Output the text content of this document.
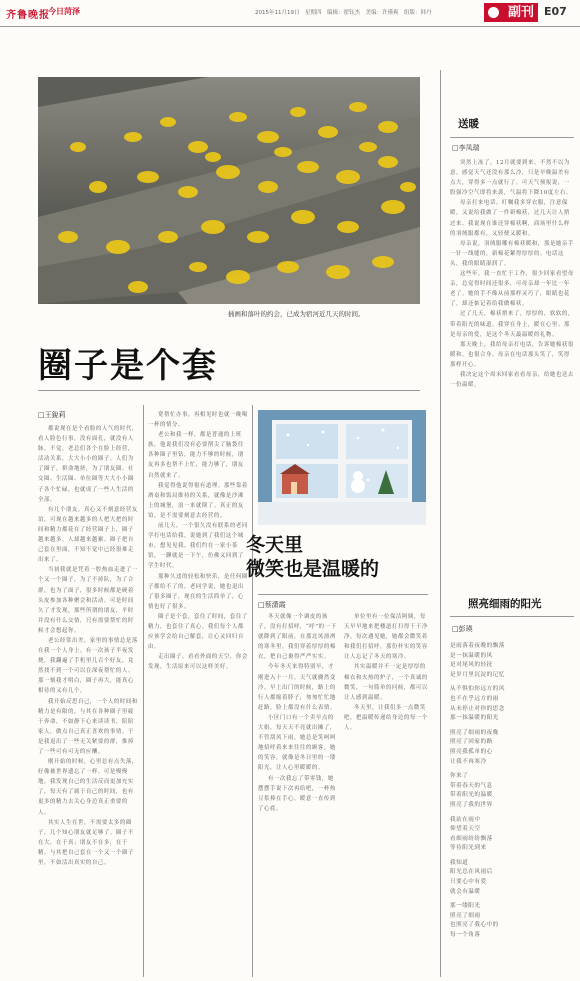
齐鲁晚报
今日菏泽	2015年11月19日　星期四　编辑：翟钰杰　美编：许瑾爽　组版：韩丹	副刊 E07
插画和落叶的约会，已成为宿河近几天的时间。
圈子是个套
□王銳莉

都说现在是个看脸的人气的时代，看人脸色行事，没有面孔，就没有人脉，不觉，老总们各个在脸上经营，活动关系，大大小小的圈子。人们为了圈子，拼命地挤，为了朋友圈、社交圈、生活圈、单位圈等大大小小圈子各个忙碌，也就成了一些人生活的全部。

有几个朋友，真心又不刻意经营友谊，可现在越来越多的人把大把的时间和精力都花在了经营圈子上，圈子越来越多，人却越来越累。圈子把自己套在里面，不知不觉中已经很难走出来了。

当初我就是凭着一腔热血走进了一个又一个圈子，为了不掉队，为了合群，也为了面子，很多时候都是硬着头皮参加各种聚会和活动。可是时间久了才发现，那些所谓的朋友，平时并没有什么交情，只有需要帮忙的时候才会想起你。

老公经常出差，家里的事情总是落在我一个人身上。有一次孩子半夜发烧，我翻遍了手机里几百个好友，竟然找不到一个可以在深夜帮忙的人。那一刻我才明白，圈子再大，能真心相待的又有几个。

我开始反思自己，一个人的时间和精力是有限的，与其在各种圈子里疲于奔命，不如静下心来读读书，陪陪家人，做点自己真正喜欢的事情。于是我退出了一些无关紧要的群，推掉了一些可有可无的应酬。

刚开始的时候，心里总有点失落，好像被世界遗忘了一样。可是慢慢地，我发现自己的生活反而更加充实了，每天有了属于自己的时间，也有更多的精力去关心身边真正重要的人。

其实人生在世，不需要太多的圈子，几个知心朋友就足够了。圈子不在大，在于真；朋友不在多，在于精。与其把自己套在一个又一个圈子里，不如活出真实的自己。

宽帮忙办事，再相见时也就一晚喝一杯的情分。

老公和我一样，都是普通的上班族，他说我们没有必要削尖了脑袋往各种圈子里钻，能力不够的时候，朋友再多也帮不上忙，能力够了，朋友自然就来了。

我觉得他说得很有道理。那些靠着酒桌和饭局维持的关系，就像是沙滩上的城堡，浪一来就倒了。真正的友谊，是不需要刻意去经营的。

前几天，一个很久没有联系的老同学打电话给我，说她到了我们这个城市，想见见我。我们约在一家小茶馆，一聊就是一下午，仿佛又回到了学生时代。

那种久违的轻松和快乐，是任何圈子都给不了的。老同学说，她也退出了很多圈子，现在的生活简单了，心情也好了很多。

圈子是个套，套住了时间，套住了精力，也套住了真心。我们每个人都应该学会给自己解套，让心灵回归自由。

走出圈子，看看外面的天空，你会发现，生活原来可以这样美好。

冬天里
微笑也是温暖的
□蔡潇霞

冬天就像一个调皮的孩子，没有打招呼，“呼”的一下就降到了眼前，在那北风凛冽的寒冬里，我们穿着厚厚的棉衣，把自己裹得严严实实。

今年冬天来得特别早，才刚进入十一月，天气就骤然变冷。早上出门的时候，路上的行人都缩着脖子，匆匆忙忙地赶路，脸上都没有什么表情。

小区门口有一个卖早点的大姐，每天天不亮就出摊了，不管刮风下雨，她总是笑呵呵地招呼着来来往往的顾客。她的笑容，就像是冬日里的一缕阳光，让人心里暖暖的。

有一次我忘了带零钱，她摆摆手说下次再给吧，一杯热豆浆捧在手心，暖意一直传到了心底。

单位里有一位保洁阿姨，每天早早地来把楼道打扫得干干净净。每次遇见她，她都会微笑着和我们打招呼，那份朴实的笑容让人忘记了冬天的寒冷。

其实温暖并不一定是厚厚的棉衣和火热的炉子，一个真诚的微笑，一句简单的问候，都可以让人感到温暖。

冬天里，让我们多一点微笑吧，把温暖传递给身边的每一个人。

送暖
□李凤瑞

突然上冻了，12月就要到来。不然不以为意，感觉天气还没有那么冷，只是早晚温差有点大，穿得多一点就行了。可天气预报说，一股强冷空气即将来袭，气温将下降10度左右。

母亲打来电话，叮嘱我多穿衣服，注意保暖，又说给我做了一件新棉袄，过几天让人捎过来。我说现在谁还穿棉袄啊，商场里什么样的羽绒服都有，又轻便又暖和。

母亲说，羽绒服哪有棉袄暖和，那是她亲手一针一线缝的，新棉花絮得厚厚的。电话这头，我的眼睛湿润了。

这些年，我一直忙于工作，很少回家看望母亲，总觉得时间还很多，可母亲却一年比一年老了。她的手不像从前那样灵巧了，眼睛也花了，却还惦记着给我做棉袄。

过了几天，棉袄捎来了，厚厚的，软软的，带着阳光的味道。我穿在身上，暖在心里。那是母亲的爱，是这个冬天最温暖的礼物。

那天晚上，我给母亲打电话，告诉她棉袄很暖和，也很合身。母亲在电话那头笑了，笑得那样开心。

我决定这个周末回家看看母亲，给她也送去一份温暖。

照亮细雨的阳光
□彭瑛
是雨落着夜晚的飘落
是一抹温暖的风
是对尾风的轻抚
是岁月里沉淀的记忆
从不惧怕你远方的风
也不在乎远方的雨
从未停止对你的思念
那一抹温暖的阳光
照亮了细雨的夜晚
照亮了回家的路
照亮我孤单的心
让我不再寒冷
你来了
带着春天的气息
带着阳光的温暖
照亮了我的世界
我站在雨中
仰望着天空
看细雨纷纷飘落
等待阳光到来
我知道
阳光总在风雨后
只要心中有爱
就会有温暖
那一缕阳光
照亮了细雨
也照亮了我心中的
每一个角落
